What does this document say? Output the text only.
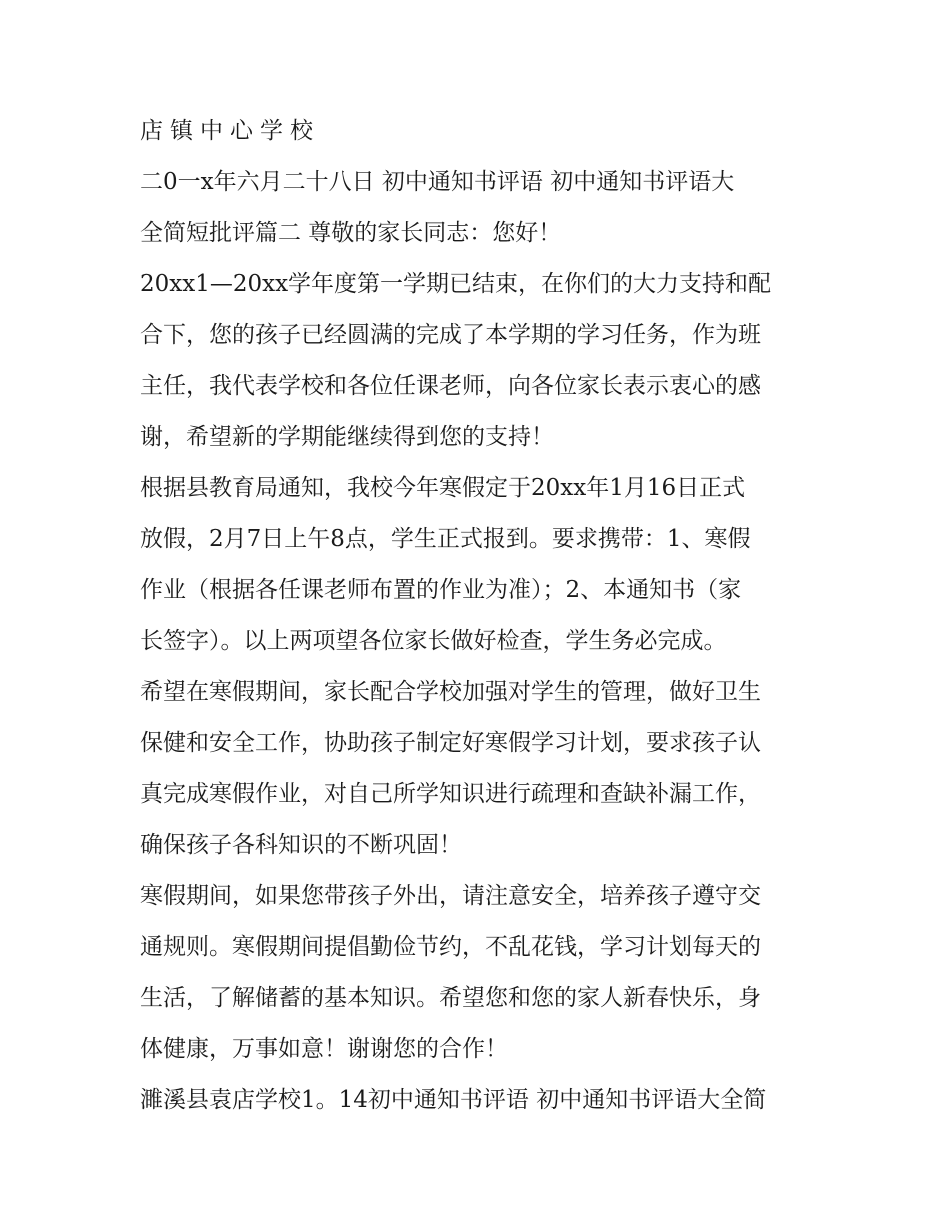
店镇中心学校

二0一x年六月二十八日 初中通知书评语 初中通知书评语大

全简短批评篇二 尊敬的家长同志：您好！

20xx1—20xx学年度第一学期已结束，在你们的大力支持和配

合下，您的孩子已经圆满的完成了本学期的学习任务，作为班

主任，我代表学校和各位任课老师，向各位家长表示衷心的感

谢，希望新的学期能继续得到您的支持！

根据县教育局通知，我校今年寒假定于20xx年1月16日正式

放假，2月7日上午8点，学生正式报到。要求携带：1、寒假

作业（根据各任课老师布置的作业为准）；2、本通知书（家

长签字）。以上两项望各位家长做好检查，学生务必完成。

希望在寒假期间，家长配合学校加强对学生的管理，做好卫生

保健和安全工作，协助孩子制定好寒假学习计划，要求孩子认

真完成寒假作业，对自己所学知识进行疏理和查缺补漏工作，

确保孩子各科知识的不断巩固！

寒假期间，如果您带孩子外出，请注意安全，培养孩子遵守交

通规则。寒假期间提倡勤俭节约，不乱花钱，学习计划每天的

生活，了解储蓄的基本知识。希望您和您的家人新春快乐，身

体健康，万事如意！谢谢您的合作！

濉溪县袁店学校1。14初中通知书评语 初中通知书评语大全简
